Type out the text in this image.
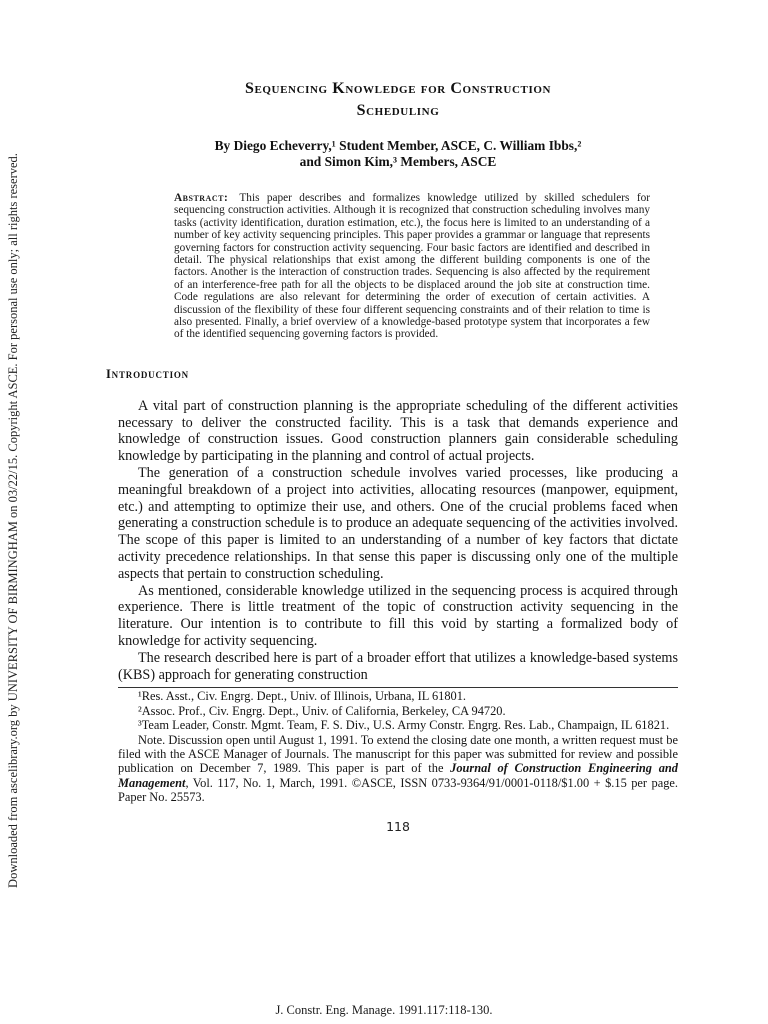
Downloaded from ascelibrary.org by UNIVERSITY OF BIRMINGHAM on 03/22/15. Copyright ASCE. For personal use only; all rights reserved.
Sequencing Knowledge for Construction
Scheduling
By Diego Echeverry,¹ Student Member, ASCE, C. William Ibbs,²
and Simon Kim,³ Members, ASCE
Abstract: This paper describes and formalizes knowledge utilized by skilled schedulers for sequencing construction activities. Although it is recognized that construction scheduling involves many tasks (activity identification, duration estimation, etc.), the focus here is limited to an understanding of a number of key activity sequencing principles. This paper provides a grammar or language that represents governing factors for construction activity sequencing. Four basic factors are identified and described in detail. The physical relationships that exist among the different building components is one of the factors. Another is the interaction of construction trades. Sequencing is also affected by the requirement of an interference-free path for all the objects to be displaced around the job site at construction time. Code regulations are also relevant for determining the order of execution of certain activities. A discussion of the flexibility of these four different sequencing constraints and of their relation to time is also presented. Finally, a brief overview of a knowledge-based prototype system that incorporates a few of the identified sequencing governing factors is provided.
Introduction

A vital part of construction planning is the appropriate scheduling of the different activities necessary to deliver the constructed facility. This is a task that demands experience and knowledge of construction issues. Good construction planners gain considerable scheduling knowledge by participating in the planning and control of actual projects.

The generation of a construction schedule involves varied processes, like producing a meaningful breakdown of a project into activities, allocating resources (manpower, equipment, etc.) and attempting to optimize their use, and others. One of the crucial problems faced when generating a construction schedule is to produce an adequate sequencing of the activities involved. The scope of this paper is limited to an understanding of a number of key factors that dictate activity precedence relationships. In that sense this paper is discussing only one of the multiple aspects that pertain to construction scheduling.

As mentioned, considerable knowledge utilized in the sequencing process is acquired through experience. There is little treatment of the topic of construction activity sequencing in the literature. Our intention is to contribute to fill this void by starting a formalized body of knowledge for activity sequencing.

The research described here is part of a broader effort that utilizes a knowledge-based systems (KBS) approach for generating construction

¹Res. Asst., Civ. Engrg. Dept., Univ. of Illinois, Urbana, IL 61801.

²Assoc. Prof., Civ. Engrg. Dept., Univ. of California, Berkeley, CA 94720.

³Team Leader, Constr. Mgmt. Team, F. S. Div., U.S. Army Constr. Engrg. Res. Lab., Champaign, IL 61821.

Note. Discussion open until August 1, 1991. To extend the closing date one month, a written request must be filed with the ASCE Manager of Journals. The manuscript for this paper was submitted for review and possible publication on December 7, 1989. This paper is part of the Journal of Construction Engineering and Management, Vol. 117, No. 1, March, 1991. ©ASCE, ISSN 0733-9364/91/0001-0118/$1.00 + $.15 per page. Paper No. 25573.

118
J. Constr. Eng. Manage. 1991.117:118-130.
